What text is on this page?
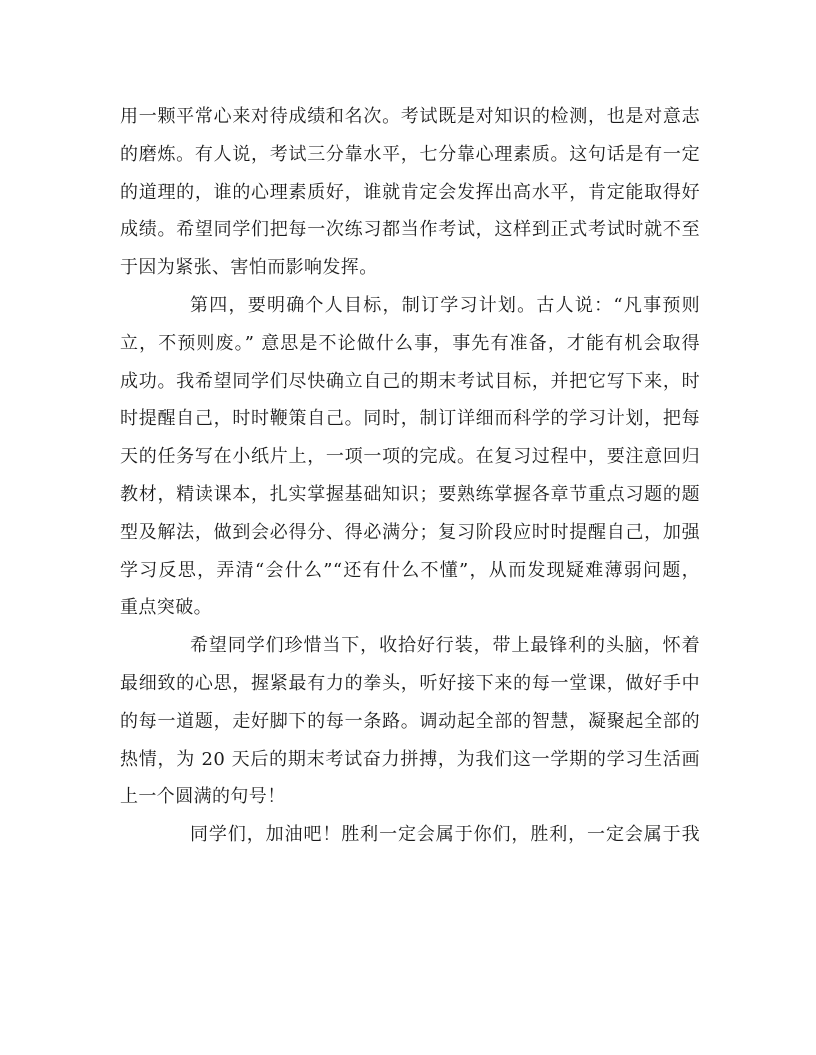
用一颗平常心来对待成绩和名次。考试既是对知识的检测，也是对意志
的磨炼。有人说，考试三分靠水平，七分靠心理素质。这句话是有一定
的道理的，谁的心理素质好，谁就肯定会发挥出高水平，肯定能取得好
成绩。希望同学们把每一次练习都当作考试，这样到正式考试时就不至
于因为紧张、害怕而影响发挥。
第四，要明确个人目标，制订学习计划。古人说：“凡事预则
立，不预则废。” 意思是不论做什么事，事先有准备，才能有机会取得
成功。我希望同学们尽快确立自己的期末考试目标，并把它写下来，时
时提醒自己，时时鞭策自己。同时，制订详细而科学的学习计划，把每
天的任务写在小纸片上，一项一项的完成。在复习过程中，要注意回归
教材，精读课本，扎实掌握基础知识；要熟练掌握各章节重点习题的题
型及解法，做到会必得分、得必满分；复习阶段应时时提醒自己，加强
学习反思，弄清“会什么”“还有什么不懂”，从而发现疑难薄弱问题，
重点突破。
希望同学们珍惜当下，收拾好行装，带上最锋利的头脑，怀着
最细致的心思，握紧最有力的拳头，听好接下来的每一堂课，做好手中
的每一道题，走好脚下的每一条路。调动起全部的智慧，凝聚起全部的
热情，为 20 天后的期末考试奋力拼搏，为我们这一学期的学习生活画
上一个圆满的句号！
同学们，加油吧！胜利一定会属于你们，胜利，一定会属于我
